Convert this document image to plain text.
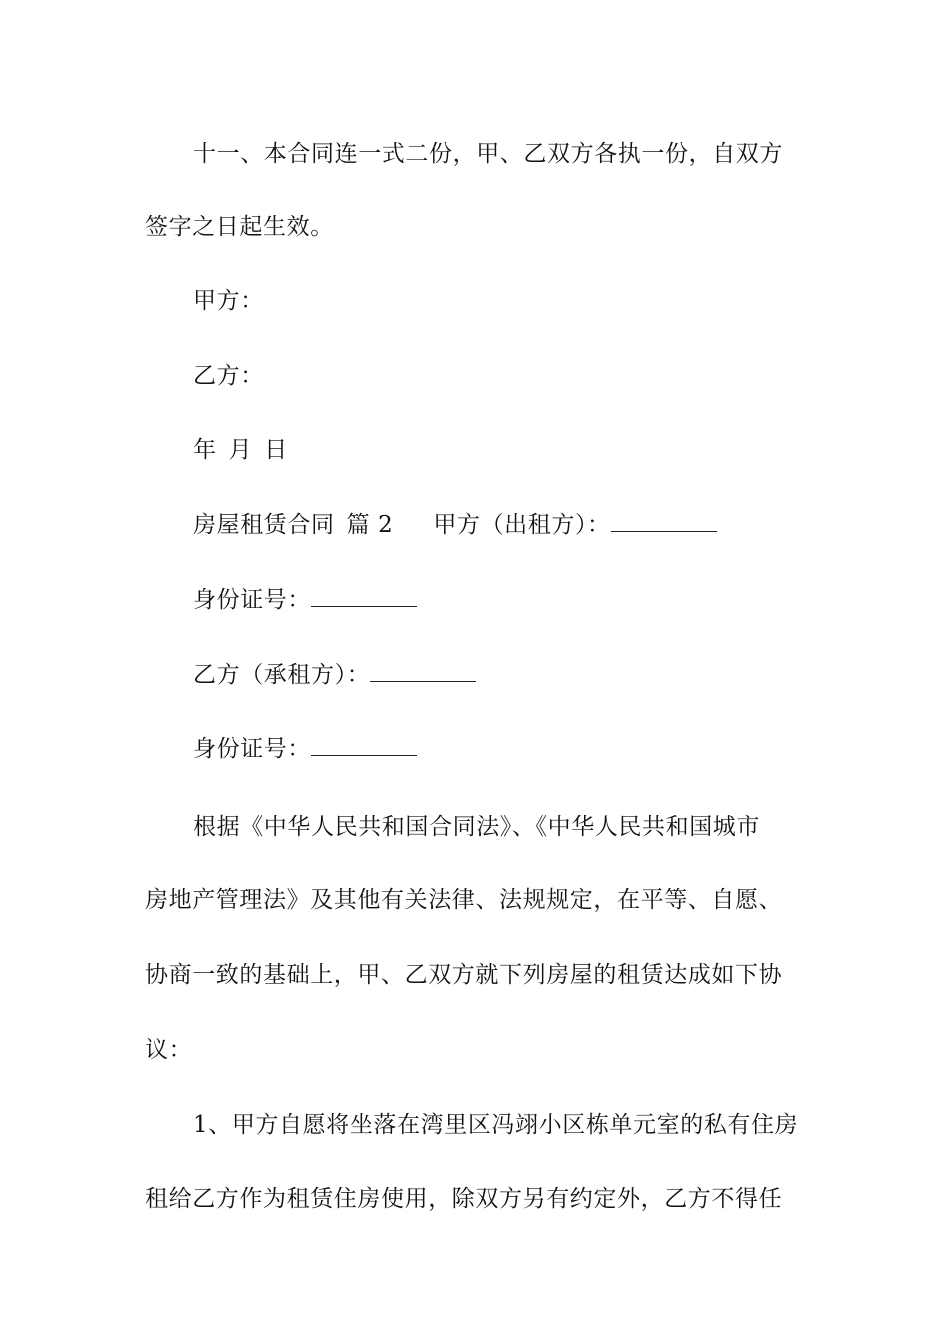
十一、本合同连一式二份，甲、乙双方各执一份，自双方
签字之日起生效。
甲方：
乙方：
年 月 日
房屋租赁合同 篇 2 甲方（出租方）：
身份证号：
乙方（承租方）：
身份证号：
根据《中华人民共和国合同法》、《中华人民共和国城市
房地产管理法》及其他有关法律、法规规定，在平等、自愿、
协商一致的基础上，甲、乙双方就下列房屋的租赁达成如下协
议：
1、甲方自愿将坐落在湾里区冯翊小区栋单元室的私有住房
租给乙方作为租赁住房使用，除双方另有约定外，乙方不得任
